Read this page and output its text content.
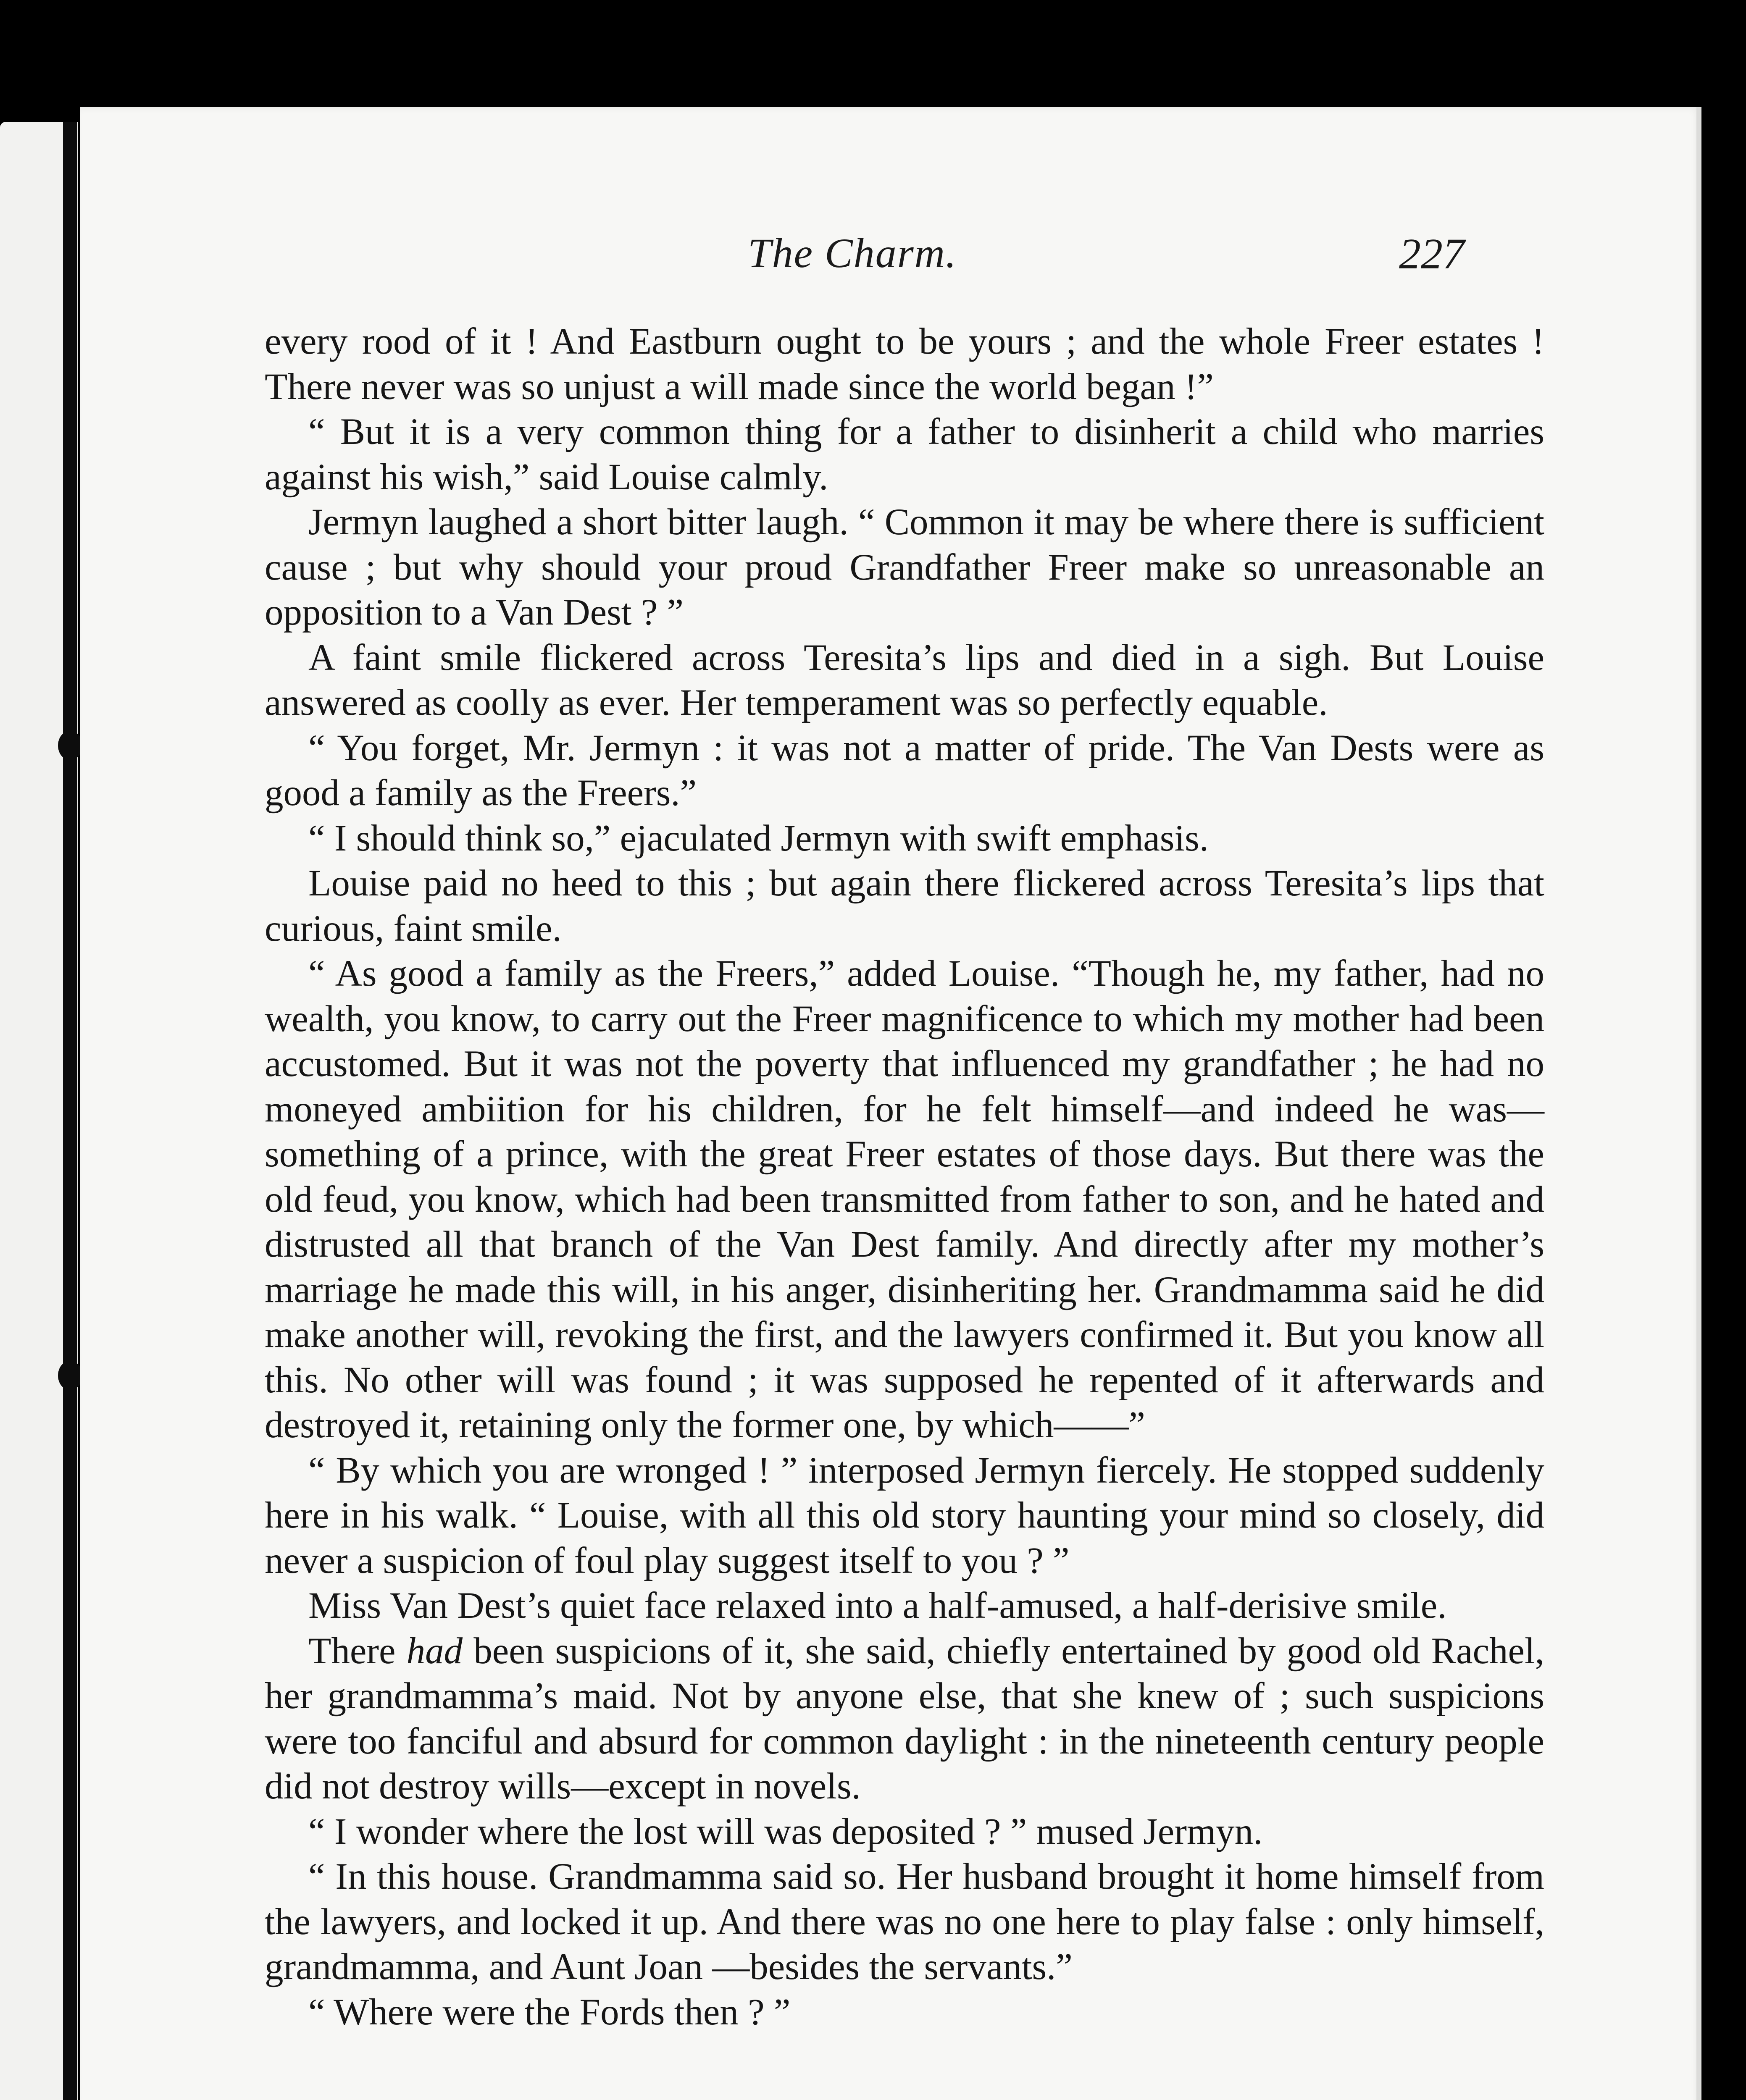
The Charm.	227

every rood of it ! And Eastburn ought to be yours ; and the whole Freer estates ! There never was so unjust a will made since the world began !”

“ But it is a very common thing for a father to disinherit a child who marries against his wish,” said Louise calmly.

Jermyn laughed a short bitter laugh. “ Common it may be where there is sufficient cause ; but why should your proud Grandfather Freer make so unreasonable an opposition to a Van Dest ? ”

A faint smile flickered across Teresita’s lips and died in a sigh. But Louise answered as coolly as ever. Her temperament was so perfectly equable.

“ You forget, Mr. Jermyn : it was not a matter of pride. The Van Dests were as good a family as the Freers.”

“ I should think so,” ejaculated Jermyn with swift emphasis.

Louise paid no heed to this ; but again there flickered across Teresita’s lips that curious, faint smile.

“ As good a family as the Freers,” added Louise. “Though he, my father, had no wealth, you know, to carry out the Freer magnificence to which my mother had been accustomed. But it was not the poverty that influenced my grandfather ; he had no moneyed ambiition for his children, for he felt himself—and indeed he was—something of a prince, with the great Freer estates of those days. But there was the old feud, you know, which had been transmitted from father to son, and he hated and distrusted all that branch of the Van Dest family. And directly after my mother’s marriage he made this will, in his anger, disinheriting her. Grandmamma said he did make another will, revoking the first, and the lawyers confirmed it. But you know all this. No other will was found ; it was supposed he repented of it afterwards and destroyed it, retaining only the former one, by which——”

“ By which you are wronged ! ” interposed Jermyn fiercely. He stopped suddenly here in his walk. “ Louise, with all this old story haunting your mind so closely, did never a suspicion of foul play suggest itself to you ? ”

Miss Van Dest’s quiet face relaxed into a half-amused, a half-derisive smile.

There had been suspicions of it, she said, chiefly entertained by good old Rachel, her grandmamma’s maid. Not by anyone else, that she knew of ; such suspicions were too fanciful and absurd for common daylight : in the nineteenth century people did not destroy wills—except in novels.

“ I wonder where the lost will was deposited ? ” mused Jermyn.

“ In this house. Grandmamma said so. Her husband brought it home himself from the lawyers, and locked it up. And there was no one here to play false : only himself, grandmamma, and Aunt Joan —besides the servants.”

“ Where were the Fords then ? ”
